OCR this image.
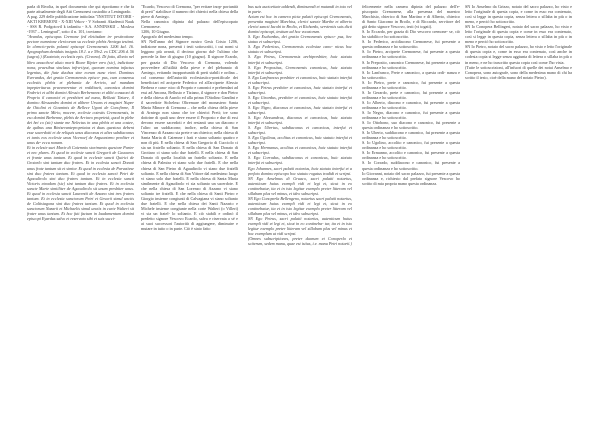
parla di Rivolta, in quel documento che qui riportiamo e che fa parte attualmente degli Atti Cremonesi custodito a Leningrado.

A pag. 229 delle pubblicazione intitolata "INSTITUT ISTORII - AKTI KREMONI - X-XIII Vekov - V Sobranii Akademii Nauk - SSS R. Podgotovil k izdaniiu - S.A. ANNINSKIJ – Moskva -1937 – Leningrad", sotto il n. 101, troviamo:

"Avardus, episcopus Cremone (ed eletiisdam in- pestiratione pectore numnione clericorum su ecclesie plebis Arniega testimi. In clemcio-petis polanti episcopi Cremonensis 1206 kal. 16. Apographum deniduis insignis 18.1. a e 59v2. ex CDC 206 d. 56 (sagra).) (Exatetuir, ecclesiis epis. (Creano). Di fatto, dlonio nel libro anacchovi aluto morit Rione Ripier vero (sic), indictione nona, praesibus sinclaus infra-tiyut, quorum nomina infactus legenius, die fiate duobus sine eorum nunc vivet. Dominus Everardus, dei gratia Cremonensis episco- pus, cum consensu ecclesiis plebis et plebania de Arrivio, ad mandam inpepteriturus pravenerentur et redditavit, canonica domini Federici et alibi domini Alessio Berberanno et alibi consaoni di Proprio il canonici et preshiteri ad nunu, Bellusti Tiziare, il domino Alessandro domini et alibere Ursons et magistri Nuper de Ottolini et Gosminis de Bellece Ugoni de Conofirme, Il primo sancte Mirio, mocere, ecclesie cotestis Cremonensis, in eso domini Berbenne, plebis de Arriavo proprietà, quod in plebe dei hei co (sic) stante me Nelectus in una plebis et una costee, de quibus una Binisevantepropriatas et duas questoso debent esse sacerdotii et de reliquis unus diaconus et altes subdiaconus et tanis eos ecclesie unus Vicenoef de Arguontemo prediter et unus de- eccu nonam.

Et in eclesie suei Marie di Caiemnio storimento questore Parter et nec plures. Et quod in ecclesie sancti Gregorii de Caucaeos et frante unus tantum. Et quod in ecclesie sancti Quirici de Grotarlo sint tantum duo fratres. Et in ecclesia sancti Donati unus frate tantum sit et simior. Et quod in ecclesia de Parvatiese sint duo fratres tantum. Et quod in ecclesia sancti Petri de Agaoulirolo sint duo fratres tantum. Et in ecclesia sancti Victoris eteadum (sic) sint tantum duo fratres. Et in ecclesia sancte Marie simiiliter de Agaoulirolo sit unum presbiter unus. Et quod in ecclesia sancti Laurentii de Azzano sint tres fratres tantum. Et in ecclesia sanctorum Petri et Gesorii simul unctis de Caltisiagona sint duo fratres tantum. Et quod in ecclesia sanctorum Nazarii et Michaelis simul unctis in curte Walteri sit frater unus tantum. Et hoc fuit factum in laudamentum domini episcopi Eyardus salvo et reservato sibi et suis succi-

"Ecardo, Vescovo di Cremona, "per evitare inop- portunità di preti" stabilisce il numero dei chierici nella chiesa della pieve di Arniego.

Nella canonica dipinta dal palazzo dell'episcopato Cremonese.

1206, 10 Giugno.

Apografo del medesimo tempo.

SN Nell'anno del Signore nostro Gesù Cristo 1206, indizione nona, presenti i testi sottoscritti, i cui nomi si leggono più avanti, il decimo giorno dal- l'ultimo che precede la fine di giugno (10 giugno). Il signore Ecardo, per grazia di Dio Vescovo di Cremona, volendo provvedere all'utilità della pieve e del plebanato di Arniego, evitando inopportunità di preti stabili e ordina – col consenso dell'autorità ecclesiastico-pontificale dei beneficiari ed arciprete Federico ed all'arciprete Alessio Berbera e cano- nico di Proprio e canonici e prebendari ad essi ad Ancona, Bellusto e Tiziano, il signore e don Pietro e della chiesa di Aurolo ed alla prima l'Ottolino Gandini e il sacerdote Sichelmo Oltremare del monastero Santa Maria Minore di Cremona – che nella chiesa della pieve di Arniego non siano che tre chierici Preti; tre sono dottrine di quali uno deve essere il Proposto e due di essi devono essere sacerdoti e dei restanti uno un diacono e l'altro un suddiacono; inoltre, nella chiesa di San Vincenzo di Azzano sia prete e un chierico; nella chiesa di Santa Maria di Caiemne i frati e siano soltanto quattro e non di più. E nella chiesa di San Gregorio di Cucciolo ci sia un fratello soltanto. E nella chiesa di San Donato di Grottaro ci siano solo due fratelli. E nella chiesa di San Donato di quella località un fratello soltanto. E nella chiesa di Palmira vi siano solo due fratelli. E che nella chiesa di San Pietro di Agaudirolo vi siano due fratelli soltanto. E nella chiesa di San Vittore dal medesimo luogo vi siano solo due fratelli. E nella chiesa di Santa Maria similmente di Agaudirolo vi sia soltanto un sacerdote. E che nella chiesa di San Lorenzo di Azzano vi siano soltanto tre fratelli. E che nella chiesa di Santi Pietro e Giorgio insieme congiunti di Calvagiana vi siano soltanto due fratelli. E che nella chiesa dei Santi Nazario e Michele insieme congiunte nella corte Walteri (o Villeri) vi sia un fratel- lo soltanto. E ciò stabili e ordinò il predetto signore Vescovo Ecardo, salva e riservata a sé e ai suoi successori l'autorità di aggiungere, diminuire e mutare in tutto o in parte. Ciò è stato fatto

bus suis auctoritate addendi, diminuendi et mutandi in toto vel in parte.

Actum est hoc in camera picta palatii episcopi Cremonensis, presentia magistri Marchiss, clerici sancte Marthe et alberto clerici sancti Iacobi in Brolio, et Richardo, servientis suis dicti domini episcopi, testium ad hoc vocatorum.

S. Ego Eschardus, dei gratia Cremonensis episco- pus, hec statuo et subscripsi.

S. Ego Federicus, Cremonensis ecclesiae cano- nicus hoc statuto et subscripsi.

S. Ego Petrus, Cremonensis archipresbiter, huic statuto interfui et subscripsi.

S. Ego Propositus, Cremonensis canonicus, huic statuto interfui et subscripsi.

S. Ego Lanfrancus presbiter et canonicus, huic statuto interfui et subscripsi.

S. Ego Petrus presbiter et canonicus, huic statuto interfui et subscripsi.

S. Ego Girardus, presbiter et canonicus, huic statuto interfui et subscripsi.

S. Ego Nigro, diaconus et canonicus, huic statuto interfui et subscripsi.

S. Ego Alessandrus, diaconus et canonicus, huic statuto interfui et subscripsi.

S. Ego Ubertus, subdiaconus et canonicus, interfui et subscripsi.

S. Ego Ugolinus, acolitus et canonicus, huic statuto interfui et subscripsi.

S. Ego Hermanus, acolitus et canonicus, huic statuto interfui et subscripsi.

S. Ego Corradus, subdiaconus et canonicus, huic statuto interfui et subscripsi.

Ego Johannes, sacri palatii notarius, huic statuto interfui et a prefato domino episcopo hoc statuto rogatus tradidi et scripsi.

SN Ego Anselmus di Gruaco, sacri palatii notarius, autenticum huius exempli vidi et legi et, sicut in eo continebatur, ita et in isto legitur exemplo preter litteram vel sillabam plus vel minus, et ideo subscripsi.

SN Ego Conoperla Bellengeno, notarius sacri palatii notarius, autenticum huius exempli vidi et legi et, sicut in eo continebatur, ita et in isto legitur exemplo preter litteram vel sillabam plus vel minus, et ideo subscripsi.

SN Ego Petrus, sacri palatii notarius, autenticum huius exempli vidi et legi et, sicut in eo contineba- tur, ita et in isto legitur exemplo preter litteram vel sillabam plus vel minus et hoc exemplum ut vidi scripsi.

(Omnes subscriptiones, preter duarum et Conoperla et sciterum, sedem manu, quae est istius, i.e. manu Petri notarii.)

felicemente nella camera dipinta del palazzo dell'e- piscopato Cremonese, alla presenza del maestro Marchisio, chierico di San Martino e di Alberto, chierico di Santo Giacomo in Broilo, e di Riccardo, servitore del già detto signore Vescovo, testi (vi togati).

S. Io Eccardo, per grazia di Dio vescovo cremone- se, ciò ho stabilito e ho sottoscritto.

S. Io Federico, arcidiacono Cremonese, fui presente a questa ordinanza e ho sottoscritto.

S. Io Pietro, arciprete Cremonese, fui presente a questa ordinanza e ho sottoscritto.

S. Io Preposito, canonico Cremonese, fui presente a questa ordinanza e ho sottoscritto.

S. Io Lanfranco, Prete e canonico, a questa ordi- nanza e ho sottoscritto.

S. Io Pietro, prete e canonico, fui presente a questa ordinanza e ho sottoscritto.

S. Io Gerardo, prete e canonico, fui presente a questa ordinanza e ho sottoscritto.

S. Io Alberto, diacono e canonico, fui presente a questa ordinanza e ho sottoscritto.

S. Io Negro, diacono e canonico, fui presente a questa ordinanza e ho sottoscritto.

S. Io Ottobono, suo diacono e canonico, fui presente a questa ordinanza e ho sottoscritto.

S. Io Uberto, suddiacono e canonico, fui presente a questa ordinanza e ho sottoscritto.

S. Io Ugolino, accolito e canonico, fui presente a questa ordinanza e ho sottoscritto.

S. Io Ermanno, accolito e canonico, fui presente a questa ordinanza e ho sottoscritto.

S. Io Corrado, suddiacono e canonico, fui presente a questa ordinanza e ho sottoscritto.

Io Giovanni, notaio del sacro palazzo, fui presente a questa ordinanza e, richiesto dal prefato signore Vescovo ho scritto di mia propria mano questa ordinanza.

SN Io Anselmo da Grizzo, notaio del sacro palazzo, ho visto e letto l'originale di questa copia, e come in esso era contenuto, così si legge in questa copia, senza lettera o sillaba in più o in meno, e perciò ho sottoscritto.

SN Io Conopera Bellingeri, notaio del sacro palazzo, ho visto e letto l'originale di questa copia e come in esso era contenuto, così si legge in questa copia, senza lettera o sillaba in più o in meno e perciò ho sottoscritto.

SN Io Pietro, notaio del sacro palazzo, ho visto e letto l'originale di questa copia e, come in esso era contenuto, così anche in codesta copia si legge senza aggiunta di lettera o sillaba in più o in meno, e ne ho trascritto questa copia così come l'ho vista.

(Tutte le sottoscrizioni, all'infuori di quelle dei notai Anselmo e Conopera, sono autografe, sono della medesima mano di chi ha scritto il testo, cioè della mano del notaio Pietro).
